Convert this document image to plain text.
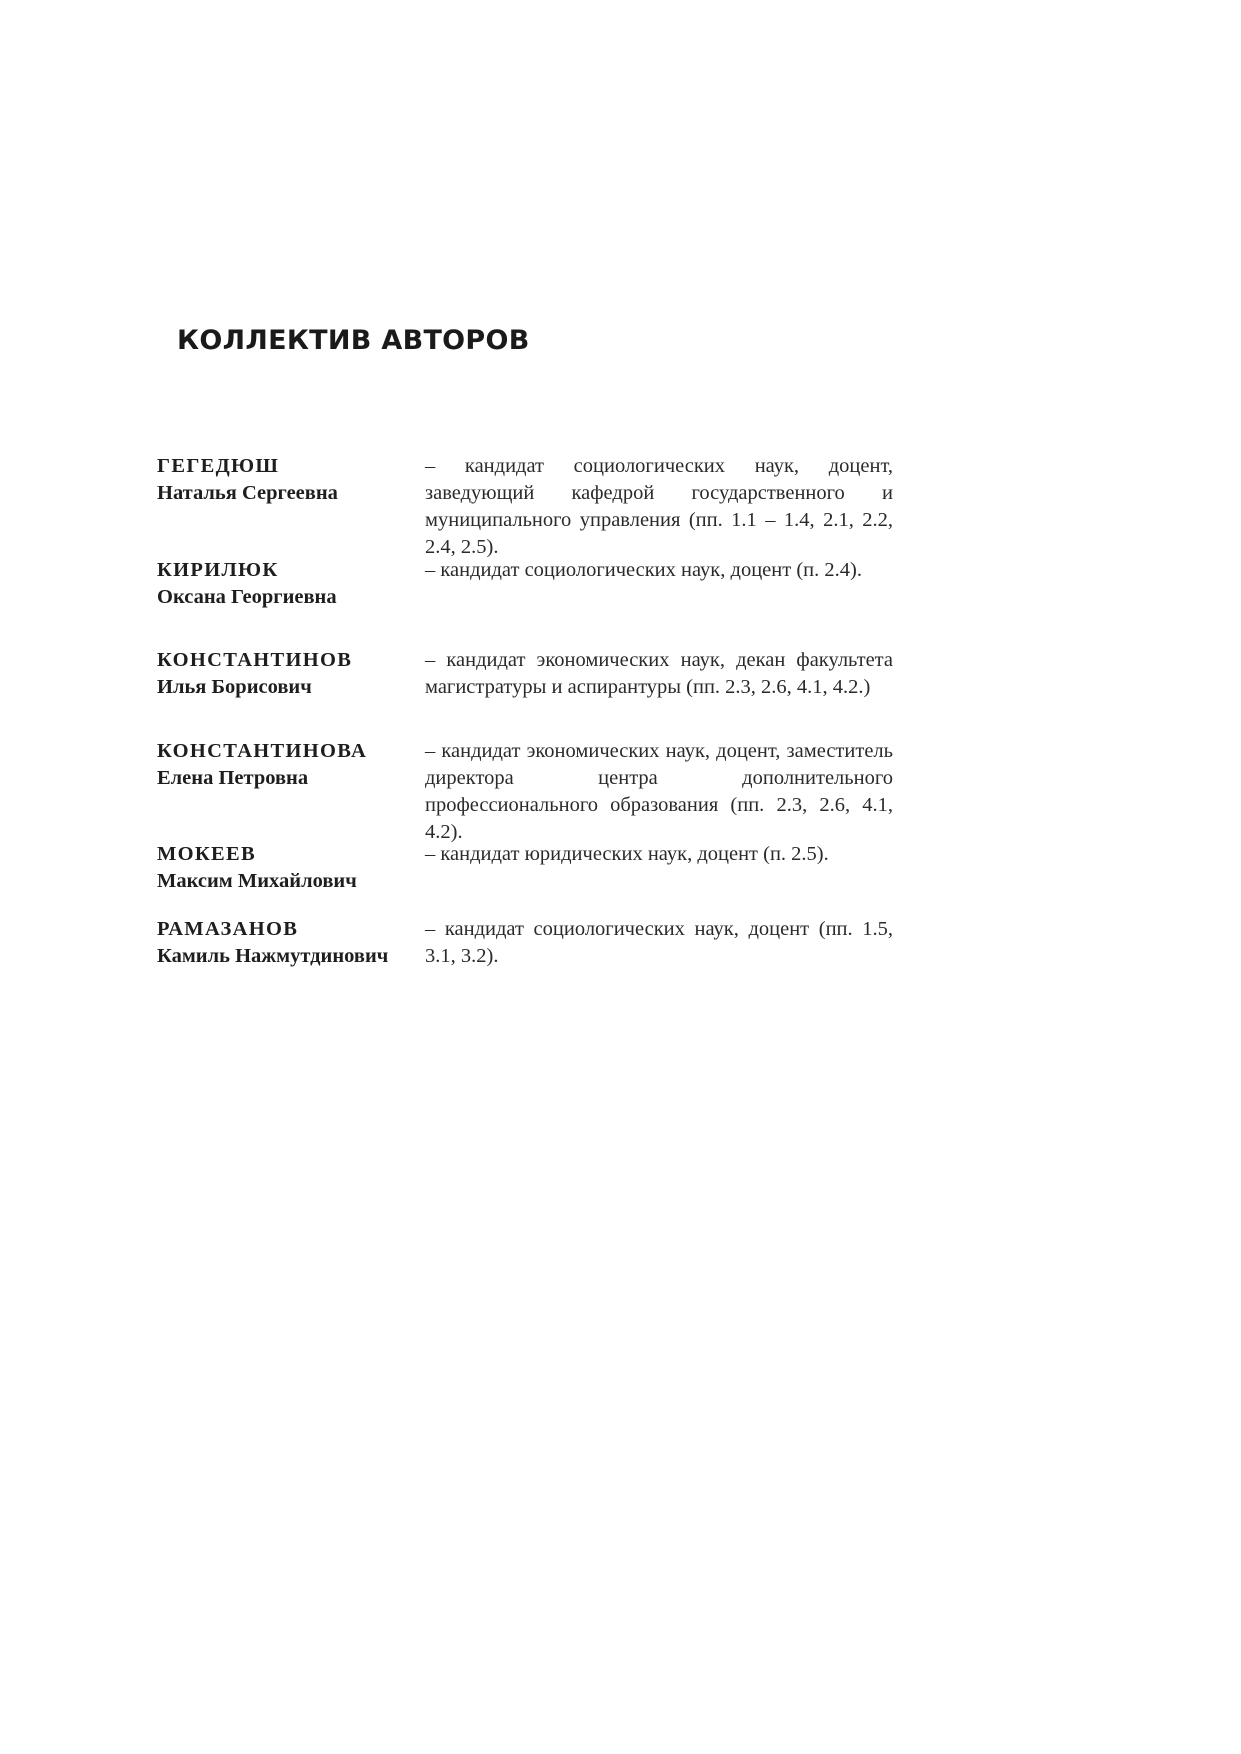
КОЛЛЕКТИВ АВТОРОВ
ГЕГЕДЮШ
Наталья Сергеевна
– кандидат социологических наук, доцент, заведующий кафедрой государственного и муниципального управления (пп. 1.1 – 1.4, 2.1, 2.2, 2.4, 2.5).
КИРИЛЮК
Оксана Георгиевна
– кандидат социологических наук, доцент (п. 2.4).
КОНСТАНТИНОВ
Илья Борисович
– кандидат экономических наук, декан факультета магистратуры и аспирантуры (пп. 2.3, 2.6, 4.1, 4.2.)
КОНСТАНТИНОВА
Елена Петровна
– кандидат экономических наук, доцент, заместитель директора центра дополнительного профессионального образования (пп. 2.3, 2.6, 4.1, 4.2).
МОКЕЕВ
Максим Михайлович
– кандидат юридических наук, доцент (п. 2.5).
РАМАЗАНОВ
Камиль Нажмутдинович
– кандидат социологических наук, доцент (пп. 1.5, 3.1, 3.2).
